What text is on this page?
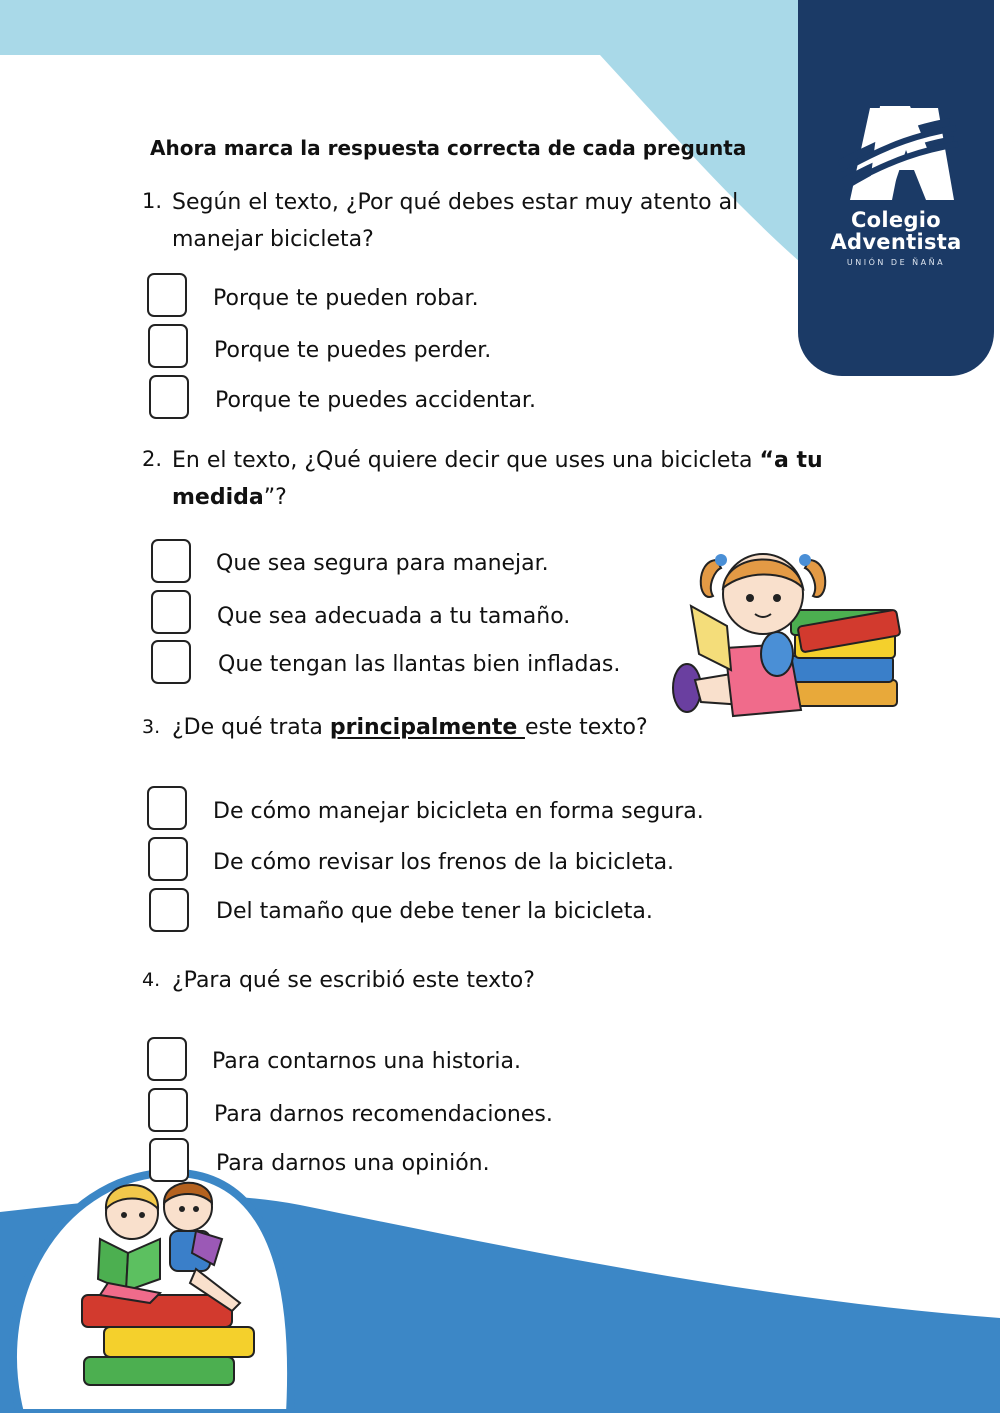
Colegio
Adventista
UNIÓN DE ÑAÑA
Ahora marca la respuesta correcta de cada pregunta
1. Según el texto, ¿Por qué debes estar muy atento al
manejar bicicleta?
Porque te pueden robar.
Porque te puedes perder.
Porque te puedes accidentar.
2. En el texto, ¿Qué quiere decir que uses una bicicleta “a tu
medida”?
Que sea segura para manejar.
Que sea adecuada a tu tamaño.
Que tengan las llantas bien infladas.
3. ¿De qué trata principalmente este texto?
De cómo manejar bicicleta en forma segura.
De cómo revisar los frenos de la bicicleta.
Del tamaño que debe tener la bicicleta.
4. ¿Para qué se escribió este texto?
Para contarnos una historia.
Para darnos recomendaciones.
Para darnos una opinión.
